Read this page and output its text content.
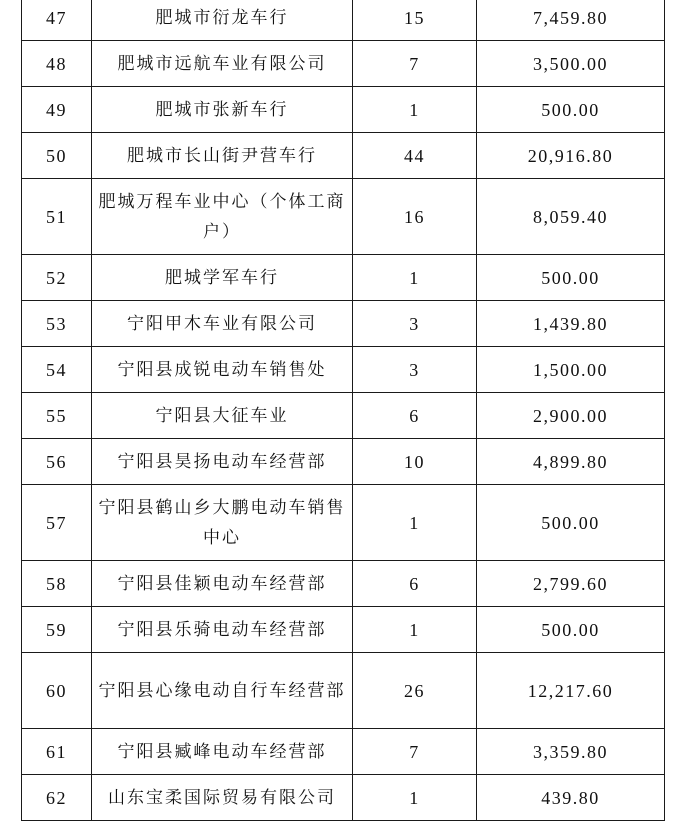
47	肥城市衍龙车行	15	7,459.80
48	肥城市远航车业有限公司	7	3,500.00
49	肥城市张新车行	1	500.00
50	肥城市长山街尹营车行	44	20,916.80
51	肥城万程车业中心（个体工商户）	16	8,059.40
52	肥城学军车行	1	500.00
53	宁阳甲木车业有限公司	3	1,439.80
54	宁阳县成锐电动车销售处	3	1,500.00
55	宁阳县大征车业	6	2,900.00
56	宁阳县昊扬电动车经营部	10	4,899.80
57	宁阳县鹤山乡大鹏电动车销售中心	1	500.00
58	宁阳县佳颖电动车经营部	6	2,799.60
59	宁阳县乐骑电动车经营部	1	500.00
60	宁阳县心缘电动自行车经营部	26	12,217.60
61	宁阳县臧峰电动车经营部	7	3,359.80
62	山东宝柔国际贸易有限公司	1	439.80
